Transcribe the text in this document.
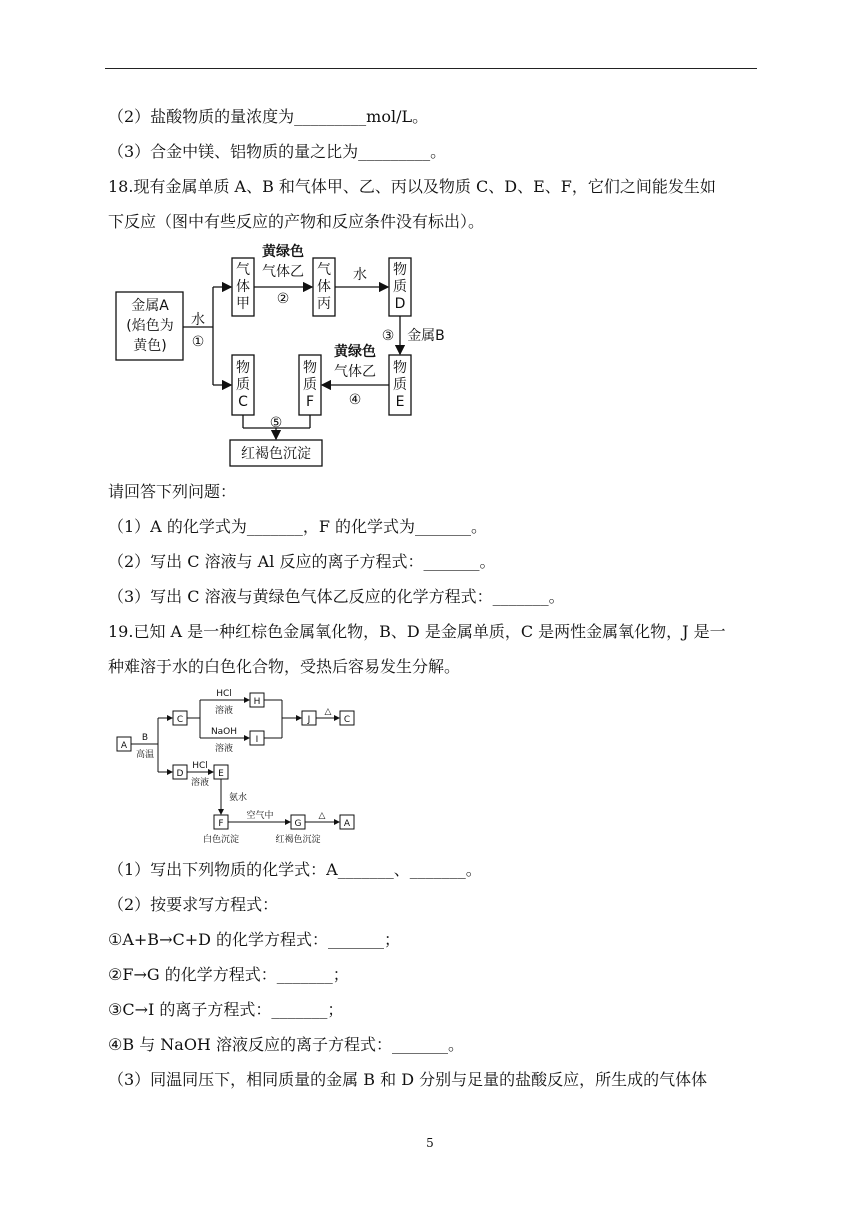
（2）盐酸物质的量浓度为_________mol/L。
（3）合金中镁、铝物质的量之比为_________。
18.现有金属单质 A、B 和气体甲、乙、丙以及物质 C、D、E、F，它们之间能发生如
下反应（图中有些反应的产物和反应条件没有标出）。
金属A
(焰色为
黄色)
水
①
气
体
甲
黄绿色
气体乙
②
气
体
丙
水 物
质
D
③ 金属B
物
质
E
黄绿色
气体乙
④
物
质
F
物
质
C
⑤
红褐色沉淀
请回答下列问题：
（1）A 的化学式为_______，F 的化学式为_______。
（2）写出 C 溶液与 Al 反应的离子方程式：_______。
（3）写出 C 溶液与黄绿色气体乙反应的化学方程式：_______。
19.已知 A 是一种红棕色金属氧化物，B、D 是金属单质，C 是两性金属氧化物，J 是一
种难溶于水的白色化合物，受热后容易发生分解。
A
B
高温
C
HCl
溶液
H
NaOH
溶液
I
J
△
C
D
HCl
溶液
E
氨水
F
空气中
G
△
A
白色沉淀	红褐色沉淀
（1）写出下列物质的化学式：A_______、_______。
（2）按要求写方程式：
①A+B→C+D 的化学方程式：_______；
②F→G 的化学方程式：_______；
③C→I 的离子方程式：_______；
④B 与 NaOH 溶液反应的离子方程式：_______。
（3）同温同压下，相同质量的金属 B 和 D 分别与足量的盐酸反应，所生成的气体体
5
